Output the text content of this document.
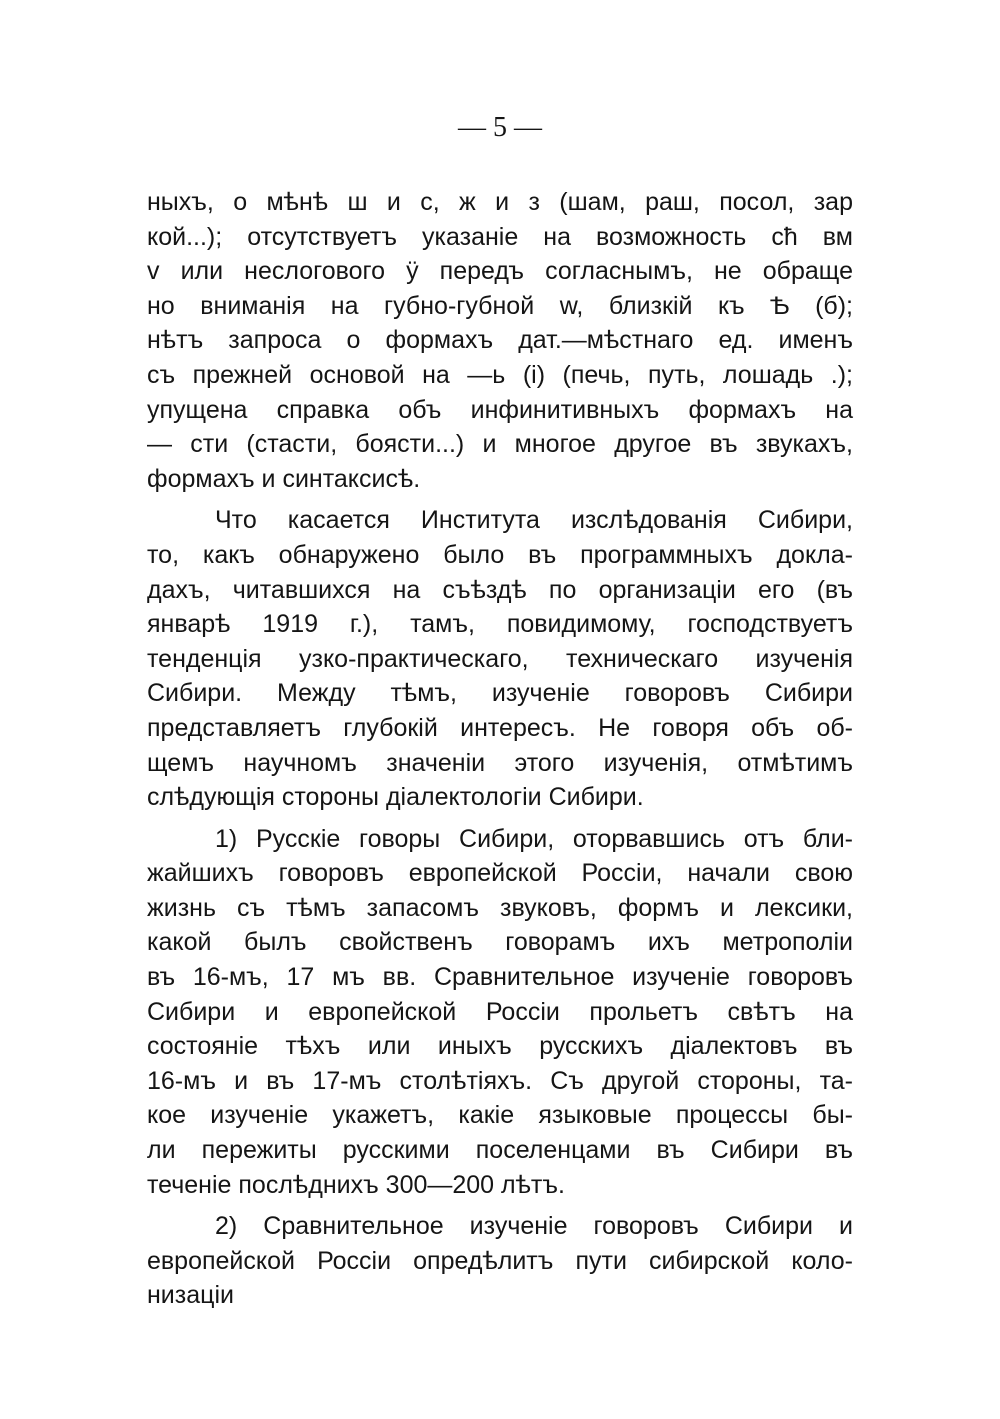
— 5 —
ныхъ, о мѣнѣ ш и с, ж и з (шам, раш, посол, зар
кой...); отсутствуетъ указанiе на возможность сћ вм
v или неслогового ÿ передъ согласнымъ, не обраще
но вниманiя на губно-губной w, близкiй къ Ѣ (б);
нѣтъ запроса о формахъ дат.—мѣстнаго ед. именъ
съ прежней основой на —ь (i) (печь, путь, лошадь .);
упущена справка объ инфинитивныхъ формахъ на
— сти (стасти, боясти...) и многое другое въ звукахъ,
формахъ и синтаксисѣ.
Что касается Института изслѣдованiя Сибири,
то, какъ обнаружено было въ программныхъ докла-
дахъ, читавшихся на съѣздѣ по организацiи его (въ
январѣ 1919 г.), тамъ, повидимому, господствуетъ
тенденцiя узко-практическаго, техническаго изученiя
Сибири. Между тѣмъ, изученiе говоровъ Сибири
представляетъ глубокiй интересъ. Не говоря объ об-
щемъ научномъ значенiи этого изученiя, отмѣтимъ
слѣдующiя стороны дiалектологiи Сибири.
1) Русскiе говоры Сибири, оторвавшись отъ бли-
жайшихъ говоровъ европейской Россiи, начали свою
жизнь съ тѣмъ запасомъ звуковъ, формъ и лексики,
какой былъ свойственъ говорамъ ихъ метрополiи
въ 16-мъ, 17 мъ вв. Сравнительное изученiе говоровъ
Сибири и европейской Россiи прольетъ свѣтъ на
состоянiе тѣхъ или иныхъ русскихъ дiалектовъ въ
16-мъ и въ 17-мъ столѣтiяхъ. Съ другой стороны, та-
кое изученiе укажетъ, какiе языковые процессы бы-
ли пережиты русскими поселенцами въ Сибири въ
теченiе послѣднихъ 300—200 лѣтъ.
2) Сравнительное изученiе говоровъ Сибири и
европейской Россiи опредѣлитъ пути сибирской коло-
низацiи
